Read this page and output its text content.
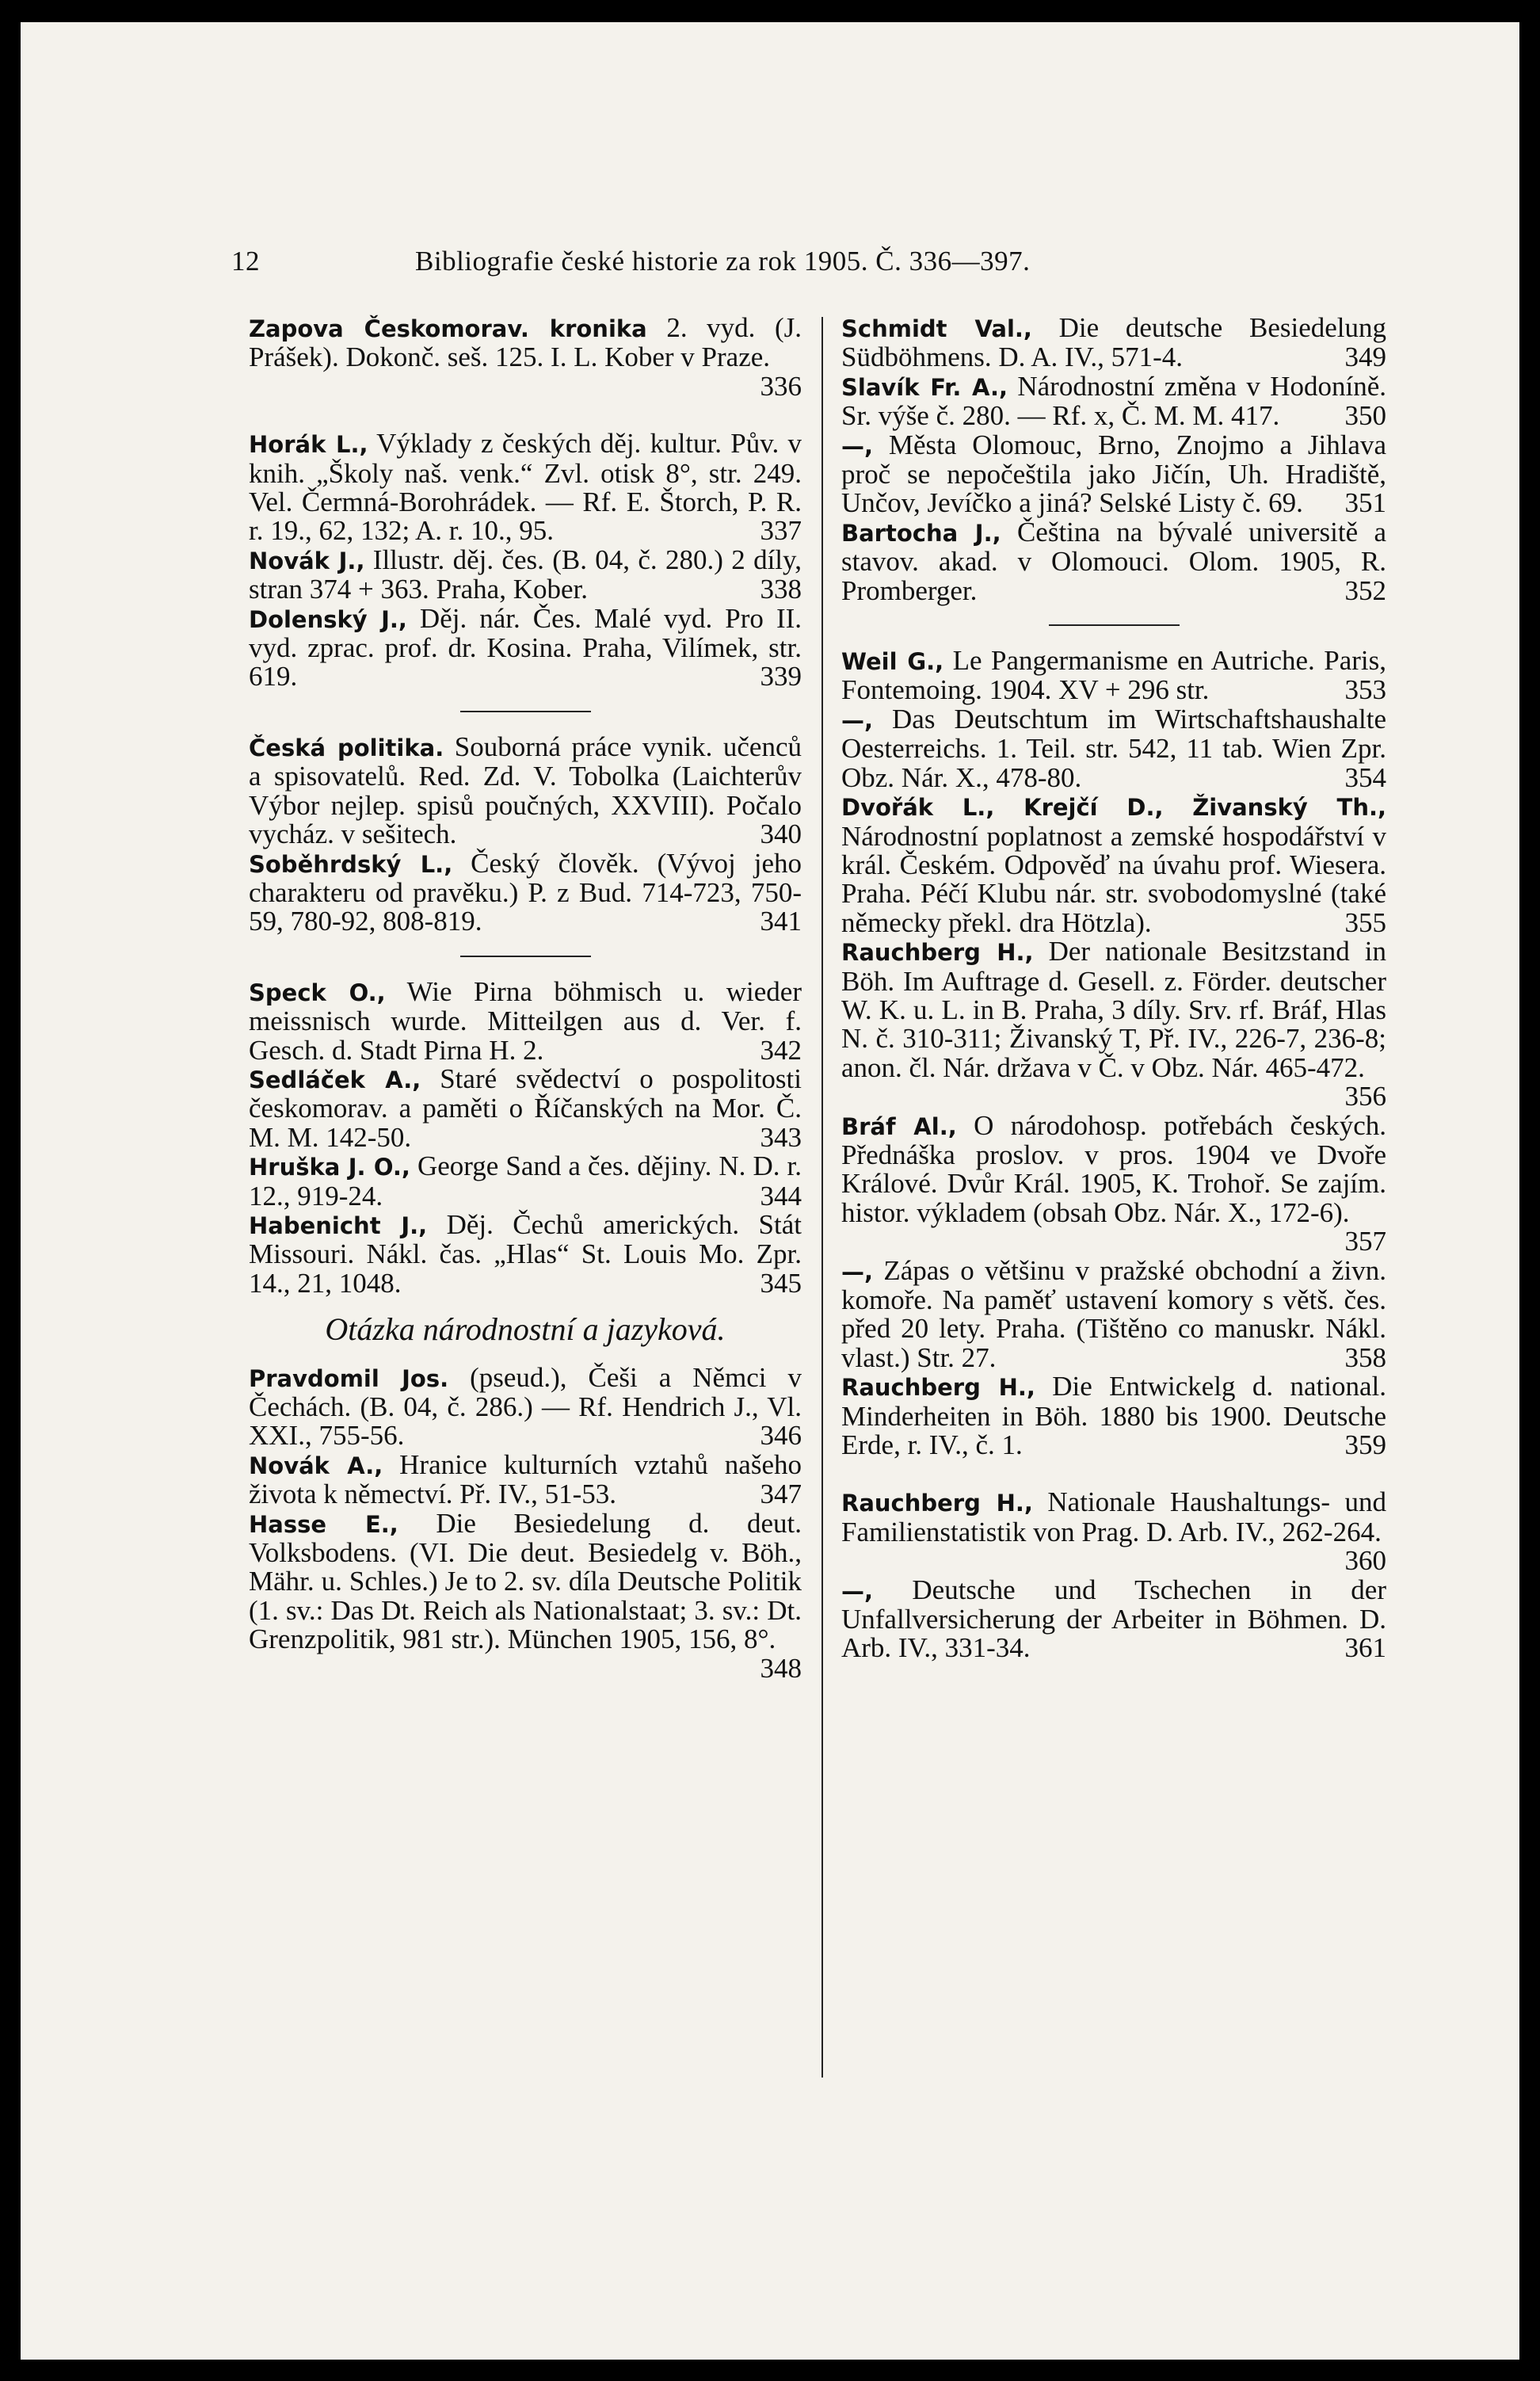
12	Bibliografie české historie za rok 1905. Č. 336—397.

Zapova Českomorav. kronika 2. vyd. (J. Prášek). Dokonč. seš. 125. I. L. Kober v Praze.
336

Horák L., Výklady z českých děj. kultur. Pův. v knih. „Školy naš. venk.“ Zvl. otisk 8°, str. 249. Vel. Čermná-Borohrádek. — Rf. E. Štorch, P. R. r. 19., 62, 132; A. r. 10., 95.	337

Novák J., Illustr. děj. čes. (B. 04, č. 280.) 2 díly, stran 374 + 363. Praha, Kober.	338

Dolenský J., Děj. nár. Čes. Malé vyd. Pro II. vyd. zprac. prof. dr. Kosina. Praha, Vilímek, str. 619.	339

Česká politika. Souborná práce vynik. učenců a spisovatelů. Red. Zd. V. Tobolka (Laichterův Výbor nejlep. spisů poučných, XXVIII). Počalo vycház. v sešitech.	340

Soběhrdský L., Český člověk. (Vývoj jeho charakteru od pravěku.) P. z Bud. 714-723, 750-59, 780-92, 808-819.	341

Speck O., Wie Pirna böhmisch u. wieder meissnisch wurde. Mitteilgen aus d. Ver. f. Gesch. d. Stadt Pirna H. 2.	342

Sedláček A., Staré svědectví o pospolitosti českomorav. a paměti o Říčanských na Mor. Č. M. M. 142-50.	343

Hruška J. O., George Sand a čes. dějiny. N. D. r. 12., 919-24.	344

Habenicht J., Děj. Čechů amerických. Stát Missouri. Nákl. čas. „Hlas“ St. Louis Mo. Zpr. 14., 21, 1048.	345

Otázka národnostní a jazyková.

Pravdomil Jos. (pseud.), Češi a Němci v Čechách. (B. 04, č. 286.) — Rf. Hendrich J., Vl. XXI., 755-56.	346

Novák A., Hranice kulturních vztahů našeho života k němectví. Př. IV., 51-53.	347

Hasse E., Die Besiedelung d. deut. Volksbodens. (VI. Die deut. Besiedelg v. Böh., Mähr. u. Schles.) Je to 2. sv. díla Deutsche Politik (1. sv.: Das Dt. Reich als Nationalstaat; 3. sv.: Dt. Grenzpolitik, 981 str.). München 1905, 156, 8°.
348

Schmidt Val., Die deutsche Besiedelung Südböhmens. D. A. IV., 571-4.	349

Slavík Fr. A., Národnostní změna v Hodoníně. Sr. výše č. 280. — Rf. x, Č. M. M. 417. 350

—, Města Olomouc, Brno, Znojmo a Jihlava proč se nepočeštila jako Jičín, Uh. Hradiště, Unčov, Jevíčko a jiná? Selské Listy č. 69. 351

Bartocha J., Čeština na bývalé universitě a stavov. akad. v Olomouci. Olom. 1905, R. Promberger.	352

Weil G., Le Pangermanisme en Autriche. Paris, Fontemoing. 1904. XV + 296 str.	353

—, Das Deutschtum im Wirtschaftshaushalte Oesterreichs. 1. Teil. str. 542, 11 tab. Wien Zpr. Obz. Nár. X., 478-80.	354

Dvořák L., Krejčí D., Živanský Th., Národnostní poplatnost a zemské hospodářství v král. Českém. Odpověď na úvahu prof. Wiesera. Praha. Péčí Klubu nár. str. svobodomyslné (také německy překl. dra Hötzla).	355

Rauchberg H., Der nationale Besitzstand in Böh. Im Auftrage d. Gesell. z. Förder. deutscher W. K. u. L. in B. Praha, 3 díly. Srv. rf. Bráf, Hlas N. č. 310-311; Živanský T, Př. IV., 226-7, 236-8; anon. čl. Nár. država v Č. v Obz. Nár. 465-472.
356

Bráf Al., O národohosp. potřebách českých. Přednáška proslov. v pros. 1904 ve Dvoře Králové. Dvůr Král. 1905, K. Trohoř. Se zajím. histor. výkladem (obsah Obz. Nár. X., 172-6).
357

—, Zápas o většinu v pražské obchodní a živn. komoře. Na paměť ustavení komory s větš. čes. před 20 lety. Praha. (Tištěno co manuskr. Nákl. vlast.) Str. 27.	358

Rauchberg H., Die Entwickelg d. national. Minderheiten in Böh. 1880 bis 1900. Deutsche Erde, r. IV., č. 1.	359

Rauchberg H., Nationale Haushaltungs- und Familienstatistik von Prag. D. Arb. IV., 262-264.
360

—, Deutsche und Tschechen in der Unfallversicherung der Arbeiter in Böhmen. D. Arb. IV., 331-34.	361
